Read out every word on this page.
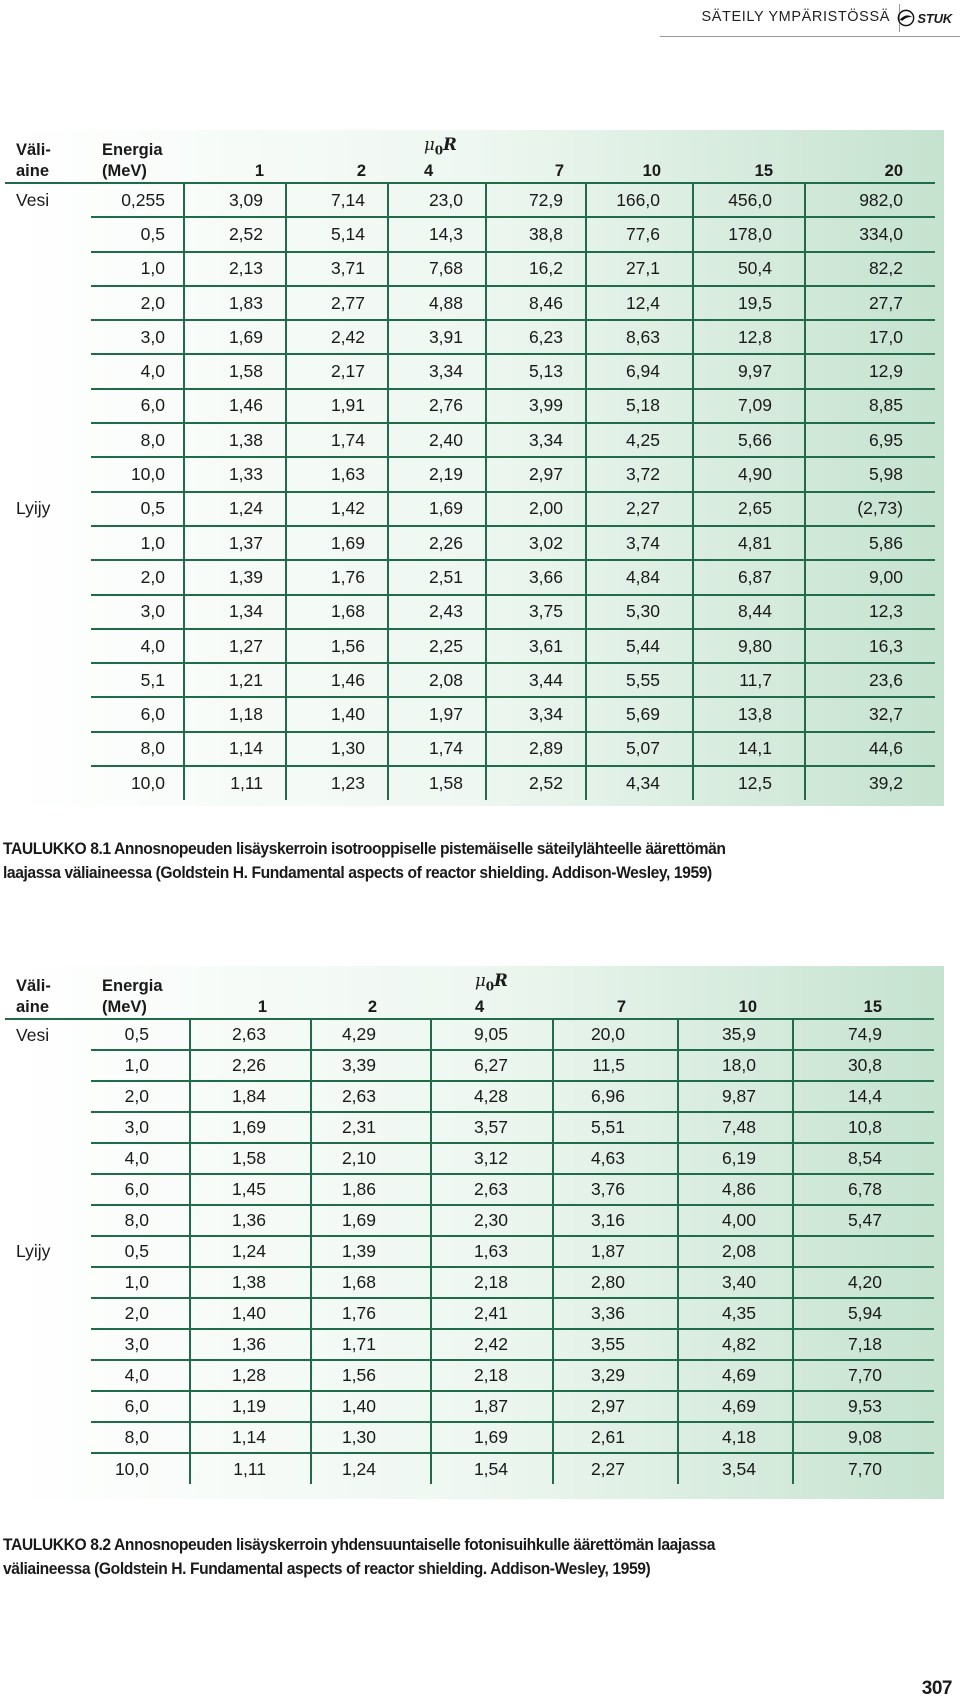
SÄTEILY YMPÄRISTÖSSÄ STUK
Väli-
aine	Energia
(MeV)	1	2	$\mu_0R$
4	7	10	15	20
Vesi	0,255	3,09	7,14	23,0	72,9	166,0	456,0	982,0
	0,5	2,52	5,14	14,3	38,8	77,6	178,0	334,0
	1,0	2,13	3,71	7,68	16,2	27,1	50,4	82,2
	2,0	1,83	2,77	4,88	8,46	12,4	19,5	27,7
	3,0	1,69	2,42	3,91	6,23	8,63	12,8	17,0
	4,0	1,58	2,17	3,34	5,13	6,94	9,97	12,9
	6,0	1,46	1,91	2,76	3,99	5,18	7,09	8,85
	8,0	1,38	1,74	2,40	3,34	4,25	5,66	6,95
	10,0	1,33	1,63	2,19	2,97	3,72	4,90	5,98
Lyijy	0,5	1,24	1,42	1,69	2,00	2,27	2,65	(2,73)
	1,0	1,37	1,69	2,26	3,02	3,74	4,81	5,86
	2,0	1,39	1,76	2,51	3,66	4,84	6,87	9,00
	3,0	1,34	1,68	2,43	3,75	5,30	8,44	12,3
	4,0	1,27	1,56	2,25	3,61	5,44	9,80	16,3
	5,1	1,21	1,46	2,08	3,44	5,55	11,7	23,6
	6,0	1,18	1,40	1,97	3,34	5,69	13,8	32,7
	8,0	1,14	1,30	1,74	2,89	5,07	14,1	44,6
	10,0	1,11	1,23	1,58	2,52	4,34	12,5	39,2
TAULUKKO 8.1 Annosnopeuden lisäyskerroin isotrooppiselle pistemäiselle säteilylähteelle äärettömän laajassa väliaineessa (Goldstein H. Fundamental aspects of reactor shielding. Addison-Wesley, 1959)
Väli-
aine	Energia
(MeV)	1	2	$\mu_0R$
4	7	10	15
Vesi	0,5	2,63	4,29	9,05	20,0	35,9	74,9
	1,0	2,26	3,39	6,27	11,5	18,0	30,8
	2,0	1,84	2,63	4,28	6,96	9,87	14,4
	3,0	1,69	2,31	3,57	5,51	7,48	10,8
	4,0	1,58	2,10	3,12	4,63	6,19	8,54
	6,0	1,45	1,86	2,63	3,76	4,86	6,78
	8,0	1,36	1,69	2,30	3,16	4,00	5,47
Lyijy	0,5	1,24	1,39	1,63	1,87	2,08	
	1,0	1,38	1,68	2,18	2,80	3,40	4,20
	2,0	1,40	1,76	2,41	3,36	4,35	5,94
	3,0	1,36	1,71	2,42	3,55	4,82	7,18
	4,0	1,28	1,56	2,18	3,29	4,69	7,70
	6,0	1,19	1,40	1,87	2,97	4,69	9,53
	8,0	1,14	1,30	1,69	2,61	4,18	9,08
	10,0	1,11	1,24	1,54	2,27	3,54	7,70
TAULUKKO 8.2 Annosnopeuden lisäyskerroin yhdensuuntaiselle fotonisuihkulle äärettömän laajassa väliaineessa (Goldstein H. Fundamental aspects of reactor shielding. Addison-Wesley, 1959)
307
